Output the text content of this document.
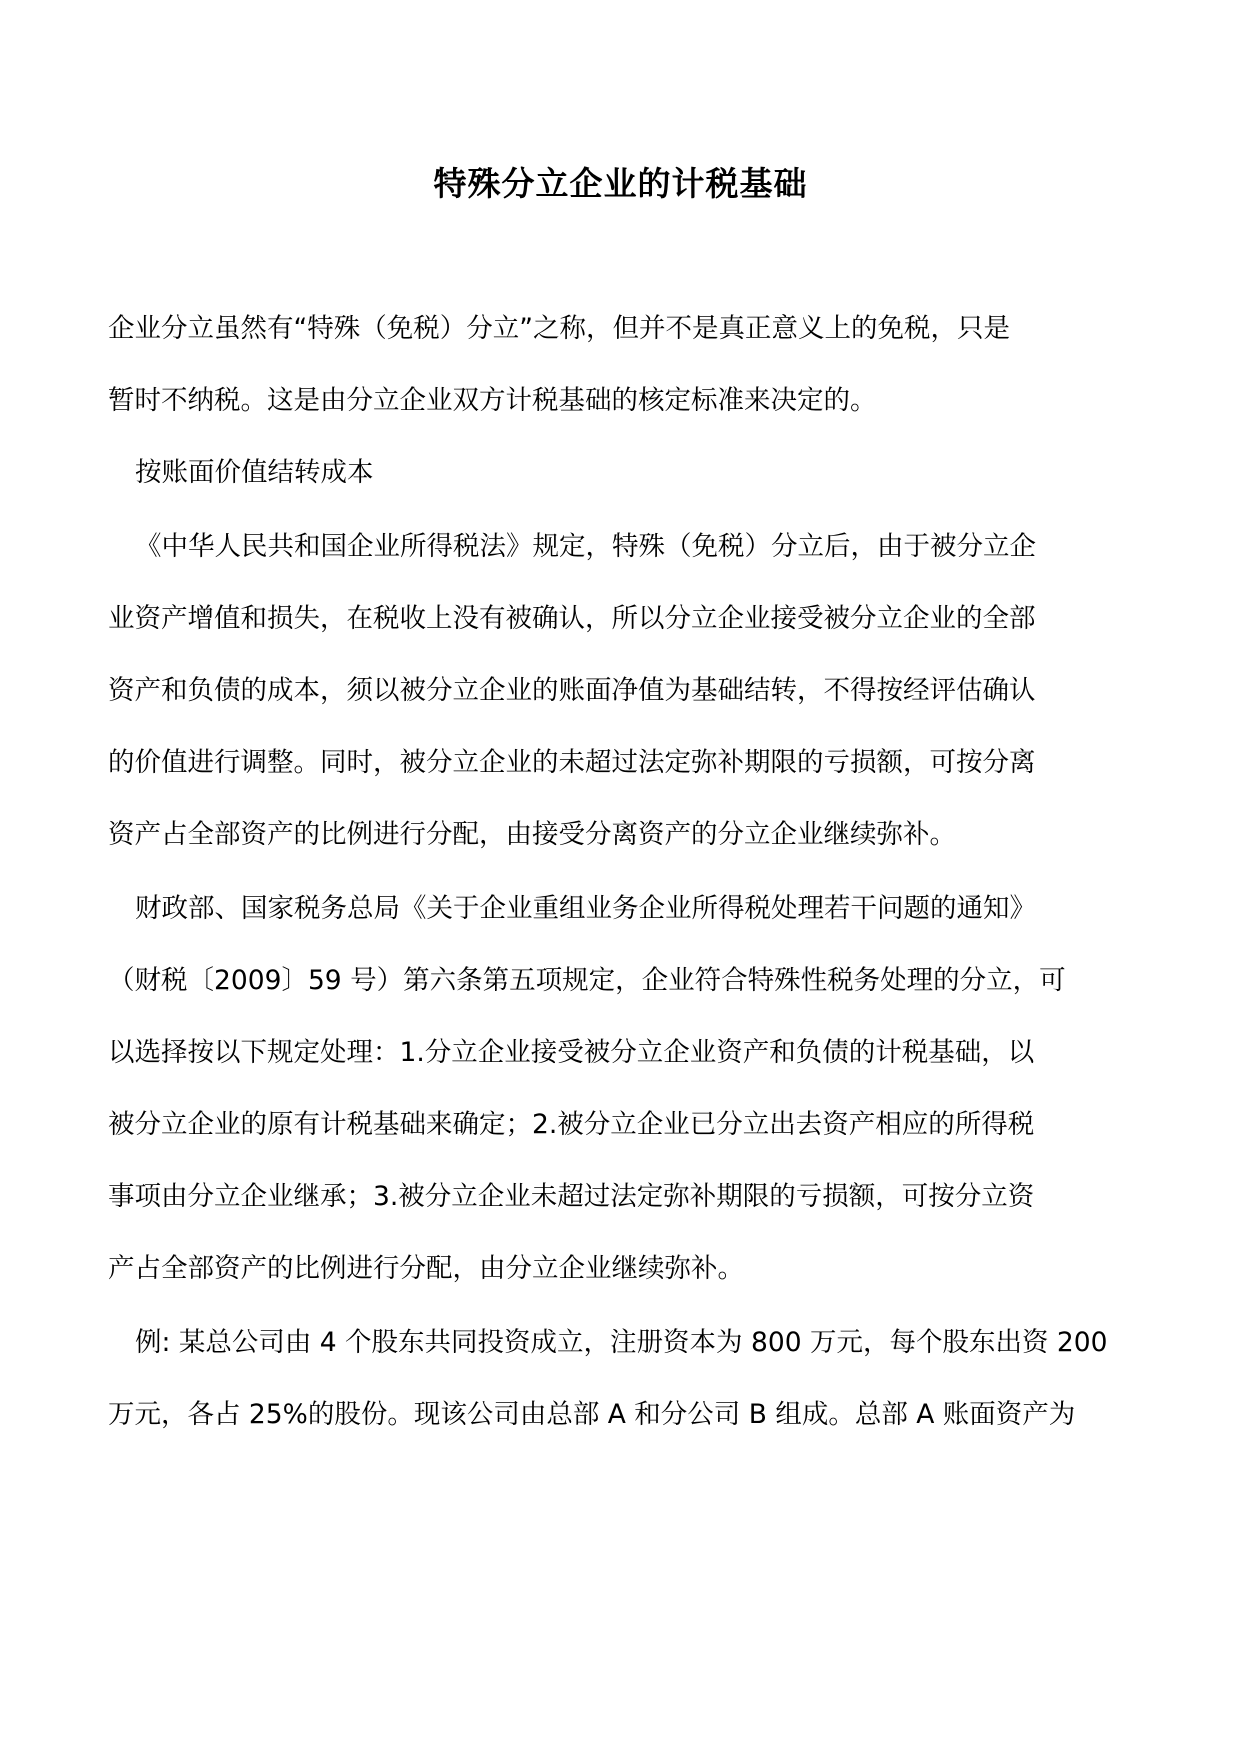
特殊分立企业的计税基础
企业分立虽然有“特殊（免税）分立”之称，但并不是真正意义上的免税，只是
暂时不纳税。这是由分立企业双方计税基础的核定标准来决定的。
按账面价值结转成本
《中华人民共和国企业所得税法》规定，特殊（免税）分立后，由于被分立企
业资产增值和损失，在税收上没有被确认，所以分立企业接受被分立企业的全部
资产和负债的成本，须以被分立企业的账面净值为基础结转，不得按经评估确认
的价值进行调整。同时，被分立企业的未超过法定弥补期限的亏损额，可按分离
资产占全部资产的比例进行分配，由接受分离资产的分立企业继续弥补。
财政部、国家税务总局《关于企业重组业务企业所得税处理若干问题的通知》
（财税〔2009〕59 号）第六条第五项规定，企业符合特殊性税务处理的分立，可
以选择按以下规定处理：1.分立企业接受被分立企业资产和负债的计税基础，以
被分立企业的原有计税基础来确定；2.被分立企业已分立出去资产相应的所得税
事项由分立企业继承；3.被分立企业未超过法定弥补期限的亏损额，可按分立资
产占全部资产的比例进行分配，由分立企业继续弥补。
例: 某总公司由 4 个股东共同投资成立，注册资本为 800 万元，每个股东出资 200
万元，各占 25%的股份。现该公司由总部 A 和分公司 B 组成。总部 A 账面资产为
